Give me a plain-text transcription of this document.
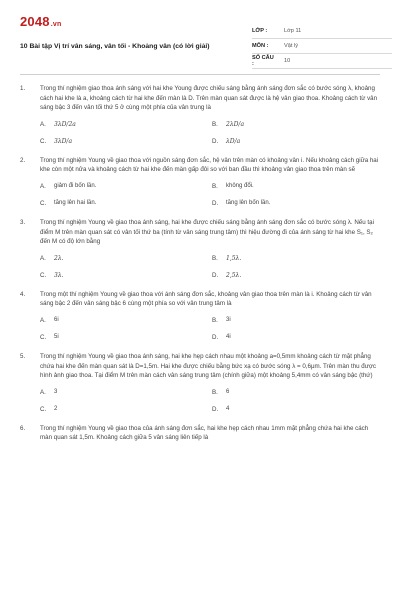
2048.vn
10 Bài tập Vị trí vân sáng, vân tối - Khoảng vân (có lời giải)
LỚP :	Lớp 11
MÔN :	Vật lý
SỐ CÂU :	10
1.	Trong thí nghiệm giao thoa ánh sáng với hai khe Young được chiếu sáng bằng ánh sáng đơn sắc có bước sóng λ, khoảng cách hai khe là a, khoảng cách từ hai khe đến màn là D. Trên màn quan sát được là hệ vân giao thoa. Khoảng cách từ vân sáng bậc 3 đến vân tối thứ 5 ở cùng một phía của vân trung là
A.	3λD/2a	B.	2λD/a
C.	3λD/a	D.	λD/a
2.	Trong thí nghiệm Young về giao thoa với nguồn sáng đơn sắc, hệ vân trên màn có khoảng vân i. Nếu khoảng cách giữa hai khe còn một nửa và khoảng cách từ hai khe đến màn gấp đôi so với ban đầu thì khoảng vân giao thoa trên màn sẽ
A.	giảm đi bốn lần.	B.	không đổi.
C.	tăng lên hai lần.	D.	tăng lên bốn lần.
3.	Trong thí nghiệm Young về giao thoa ánh sáng, hai khe được chiếu sáng bằng ánh sáng đơn sắc có bước sóng λ. Nếu tại điểm M trên màn quan sát có vân tối thứ ba (tính từ vân sáng trung tâm) thì hiệu đường đi của ánh sáng từ hai khe S₁, S₂ đến M có độ lớn bằng
A.	2λ.	B.	1,5λ.
C.	3λ.	D.	2,5λ.
4.	Trong một thí nghiệm Young về giao thoa với ánh sáng đơn sắc, khoảng vân giao thoa trên màn là i. Khoảng cách từ vân sáng bậc 2 đến vân sáng bậc 6 cùng một phía so với vân trung tâm là
A.	6i	B.	3i
C.	5i	D.	4i
5.	Trong thí nghiệm Young về giao thoa ánh sáng, hai khe hẹp cách nhau một khoảng a=0,5mm khoảng cách từ mặt phẳng chứa hai khe đến màn quan sát là D=1,5m. Hai khe được chiếu bằng bức xạ có bước sóng λ = 0,6μm. Trên màn thu được hình ảnh giao thoa. Tại điểm M trên màn cách vân sáng trung tâm (chính giữa) một khoảng 5,4mm có vân sáng bậc (thứ)
A.	3	B.	6
C.	2	D.	4
6.	Trong thí nghiệm Young về giao thoa của ánh sáng đơn sắc, hai khe hẹp cách nhau 1mm mặt phẳng chứa hai khe cách màn quan sát 1,5m. Khoảng cách giữa 5 vân sáng liên tiếp là
